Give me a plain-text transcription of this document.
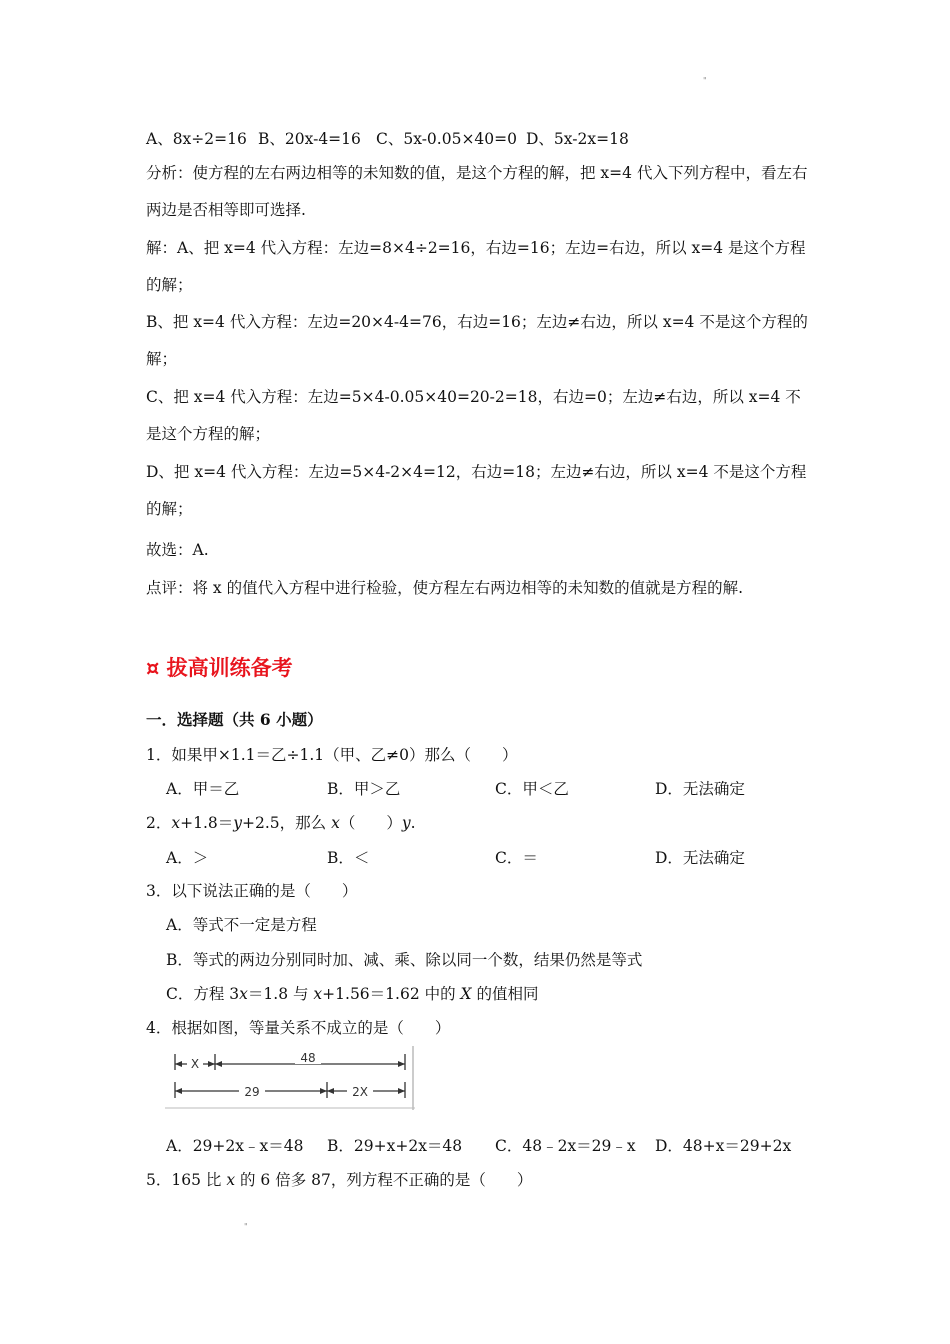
"
A、8x÷2=16 B、20x-4=16 C、5x-0.05×40=0 D、5x-2x=18
分析：使方程的左右两边相等的未知数的值，是这个方程的解，把 x=4 代入下列方程中，看左右两边是否相等即可选择.
解：A、把 x=4 代入方程：左边=8×4÷2=16，右边=16；左边=右边，所以 x=4 是这个方程的解；
B、把 x=4 代入方程：左边=20×4-4=76，右边=16；左边≠右边，所以 x=4 不是这个方程的解；
C、把 x=4 代入方程：左边=5×4-0.05×40=20-2=18，右边=0；左边≠右边，所以 x=4 不是这个方程的解；
D、把 x=4 代入方程：左边=5×4-2×4=12，右边=18；左边≠右边，所以 x=4 不是这个方程的解；
故选：A.
点评：将 x 的值代入方程中进行检验，使方程左右两边相等的未知数的值就是方程的解.
¤ 拔高训练备考
一．选择题（共 6 小题）
1．如果甲×1.1＝乙÷1.1（甲、乙≠0）那么（　　）
A．甲＝乙	B．甲＞乙	C．甲＜乙	D．无法确定
2．x+1.8＝y+2.5，那么 x（　　）y.
A．＞	B．＜	C．＝	D．无法确定
3．以下说法正确的是（　　）
A．等式不一定是方程
B．等式的两边分别同时加、减、乘、除以同一个数，结果仍然是等式
C．方程 3x＝1.8 与 x+1.56＝1.62 中的 X 的值相同
4．根据如图，等量关系不成立的是（　　）
X	48
29	2X
A．29+2x﹣x＝48 B．29+x+2x＝48 C．48﹣2x＝29﹣x D．48+x＝29+2x
5．165 比 x 的 6 倍多 87，列方程不正确的是（　　）
"
